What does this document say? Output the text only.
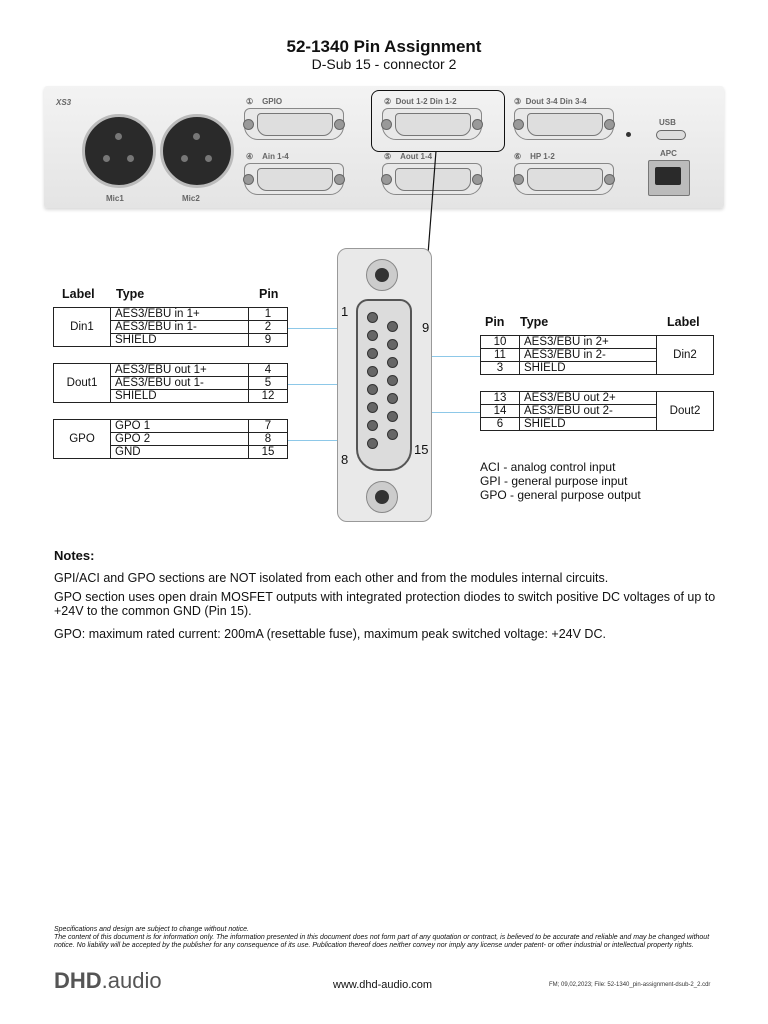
52-1340 Pin Assignment
D-Sub 15 - connector 2
XS3
Mic1	Mic2
① GPIO	② Dout 1-2 Din 1-2	③ Dout 3-4 Din 3-4
④ Ain 1-4	⑤ Aout 1-4	⑥ HP 1-2
USB
APC
Label Type	Pin
Din1	AES3/EBU in 1+	1
	AES3/EBU in 1-	2
	SHIELD	9
Dout1	AES3/EBU out 1+	4
	AES3/EBU out 1-	5
	SHIELD	12
GPO	GPO 1	7
	GPO 2	8
	GND	15
1
9
8
15
Pin Type	Label
10	AES3/EBU in 2+	Din2
11	AES3/EBU in 2-	
3	SHIELD	
13	AES3/EBU out 2+	Dout2
14	AES3/EBU out 2-	
6	SHIELD	
ACI - analog control input
GPI - general purpose input
GPO - general purpose output
Notes:
GPI/ACI and GPO sections are NOT isolated from each other and from the modules internal circuits.
GPO section uses open drain MOSFET outputs with integrated protection diodes to switch positive DC voltages of up to +24V to the common GND (Pin 15).
GPO: maximum rated current: 200mA (resettable fuse), maximum peak switched voltage: +24V DC.
Specifications and design are subject to change without notice.
The content of this document is for information only. The information presented in this document does not form part of any quotation or contract, is believed to be accurate and reliable and may be changed without notice. No liability will be accepted by the publisher for any consequence of its use. Publication thereof does neither convey nor imply any license under patent- or other industrial or intellectual property rights.
DHD.audio	www.dhd-audio.com	FM; 09,02,2023; File: 52-1340_pin-assignment-dsub-2_2.cdr
